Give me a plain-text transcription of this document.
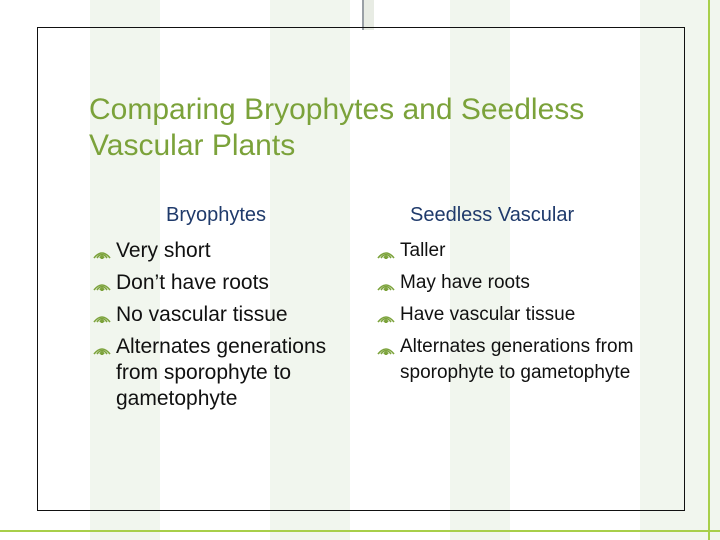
Comparing Bryophytes and Seedless Vascular Plants
Bryophytes	Seedless Vascular
Very short
Don’t have roots
No vascular tissue
Alternates generations from sporophyte to gametophyte
Taller
May have roots
Have vascular tissue
Alternates generations from sporophyte to gametophyte
